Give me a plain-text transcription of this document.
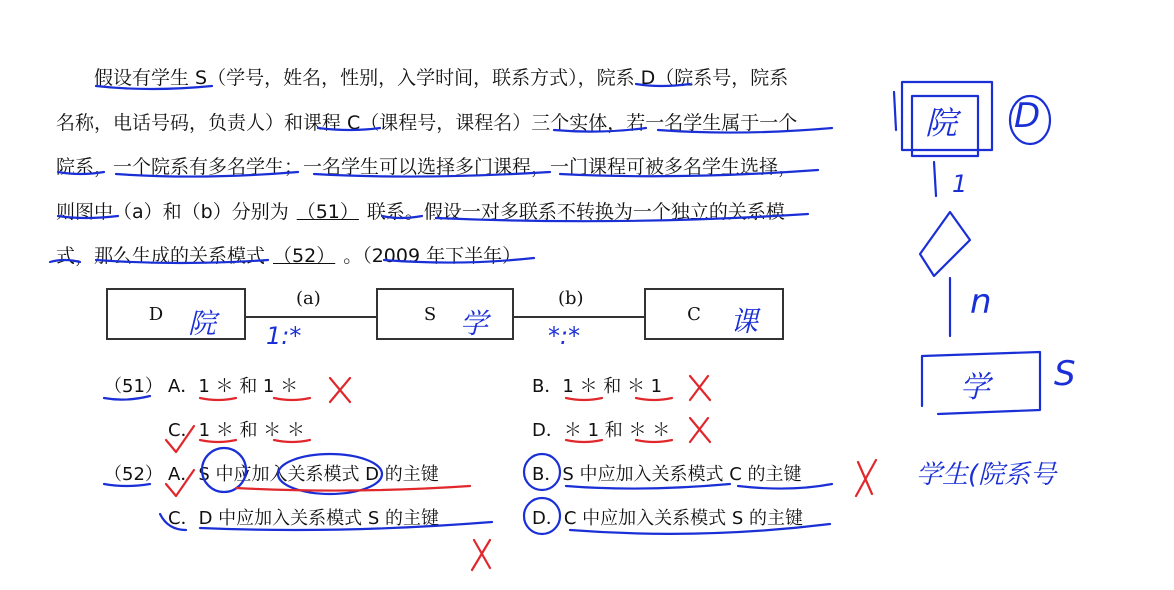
　　假设有学生 S（学号，姓名，性别，入学时间，联系方式），院系 D（院系号，院系
名称，电话号码，负责人）和课程 C（课程号，课程名）三个实体，若一名学生属于一个
院系，一个院系有多名学生；一名学生可以选择多门课程，一门课程可被多名学生选择，
则图中（a）和（b）分别为 （51） 联系。假设一对多联系不转换为一个独立的关系模
式，那么生成的关系模式 （52） 。（2009 年下半年）
D	S	C
(a)	(b)
（51） A．1 ＊ 和 1 ＊	B．1 ＊ 和 ＊ 1
C．1 ＊ 和 ＊ ＊	D．＊ 1 和 ＊ ＊
（52） A．S 中应加入关系模式 D 的主键	B．S 中应加入关系模式 C 的主键
C．D 中应加入关系模式 S 的主键	D．C 中应加入关系模式 S 的主键
院	学	课
1:*	*:*
院 D
1
n
学 S
学生(院系号
